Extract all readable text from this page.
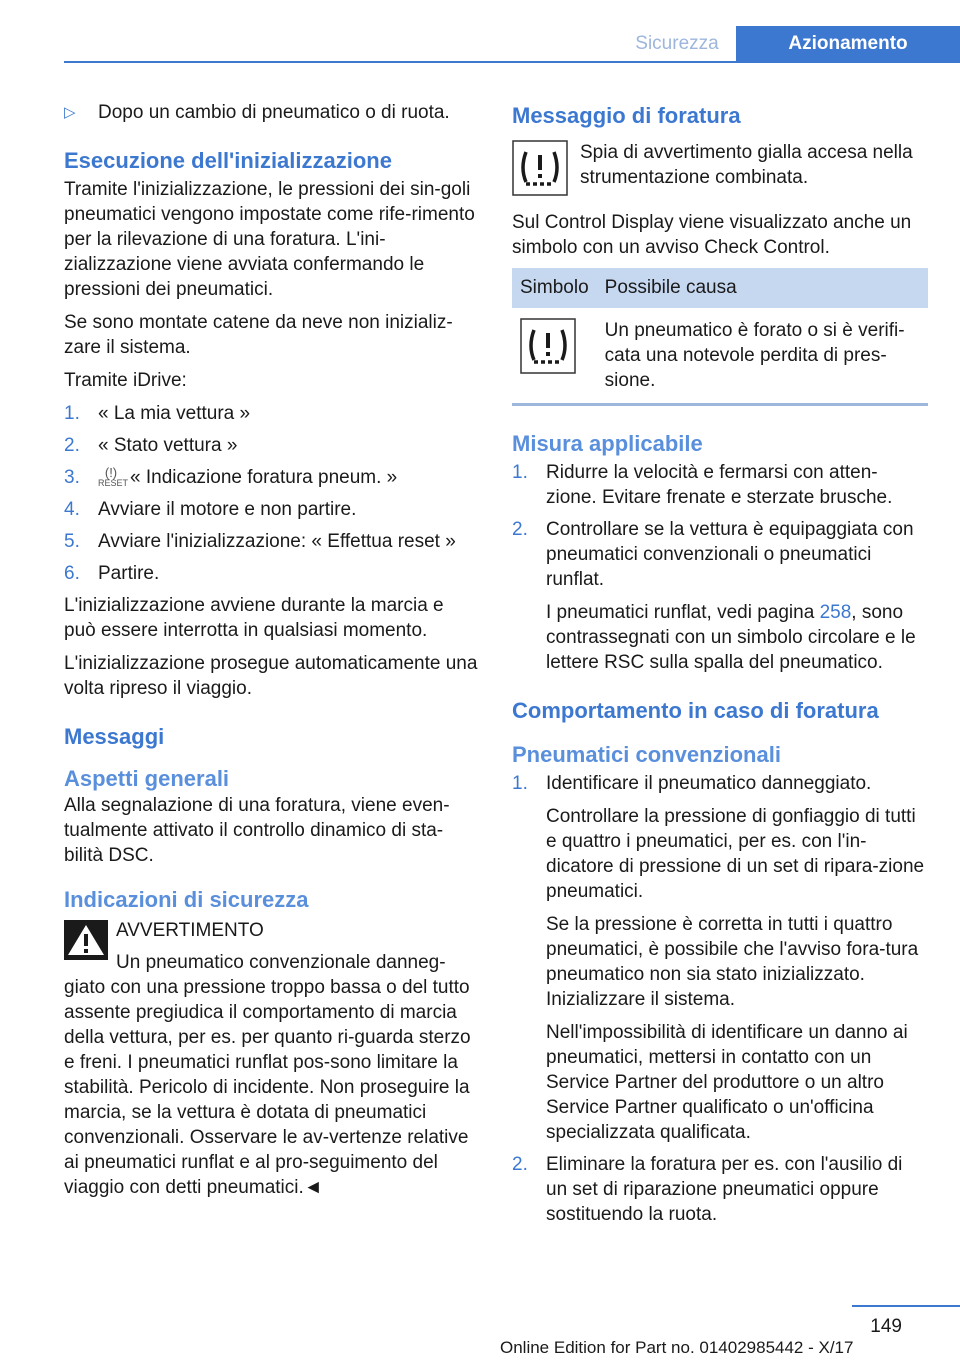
Sicurezza	Azionamento
▷ Dopo un cambio di pneumatico o di ruota.
Esecuzione dell'inizializzazione

Tramite l'inizializzazione, le pressioni dei sin-goli pneumatici vengono impostate come rife-rimento per la rilevazione di una foratura. L'ini-zializzazione viene avviata confermando le pressioni dei pneumatici.

Se sono montate catene da neve non inizializ-zare il sistema.

Tramite iDrive:

1. « La mia vettura »
2. « Stato vettura »
3. (!)
RESET « Indicazione foratura pneum. »
4. Avviare il motore e non partire.
5. Avviare l'inizializzazione: « Effettua reset »
6. Partire.

L'inizializzazione avviene durante la marcia e può essere interrotta in qualsiasi momento.

L'inizializzazione prosegue automaticamente una volta ripreso il viaggio.

Messaggi
Aspetti generali

Alla segnalazione di una foratura, viene even-tualmente attivato il controllo dinamico di sta-bilità DSC.

Indicazioni di sicurezza
AVVERTIMENTO
Un pneumatico convenzionale danneg-

giato con una pressione troppo bassa o del tutto assente pregiudica il comportamento di marcia della vettura, per es. per quanto ri-guarda sterzo e freni. I pneumatici runflat pos-sono limitare la stabilità. Pericolo di incidente. Non proseguire la marcia, se la vettura è dotata di pneumatici convenzionali. Osservare le av-vertenze relative ai pneumatici runflat e al pro-seguimento del viaggio con detti pneumatici.◄

Messaggio di foratura

Spia di avvertimento gialla accesa nella strumentazione combinata.

Sul Control Display viene visualizzato anche un simbolo con un avviso Check Control.

Simbolo	Possibile causa
	Un pneumatico è forato o si è verifi-cata una notevole perdita di pres-sione.
Misura applicabile
1. Ridurre la velocità e fermarsi con atten-zione. Evitare frenate e sterzate brusche.
2. Controllare se la vettura è equipaggiata con pneumatici convenzionali o pneumatici runflat.
I pneumatici runflat, vedi pagina 258, sono contrassegnati con un simbolo circolare e le lettere RSC sulla spalla del pneumatico.
Comportamento in caso di foratura
Pneumatici convenzionali
1. Identificare il pneumatico danneggiato.
Controllare la pressione di gonfiaggio di tutti e quattro i pneumatici, per es. con l'in-dicatore di pressione di un set di ripara-zione pneumatici.
Se la pressione è corretta in tutti i quattro pneumatici, è possibile che l'avviso fora-tura pneumatico non sia stato inizializzato. Inizializzare il sistema.
Nell'impossibilità di identificare un danno ai pneumatici, mettersi in contatto con un Service Partner del produttore o un altro Service Partner qualificato o un'officina specializzata qualificata.
2. Eliminare la foratura per es. con l'ausilio di un set di riparazione pneumatici oppure sostituendo la ruota.
149
Online Edition for Part no. 01402985442 - X/17
